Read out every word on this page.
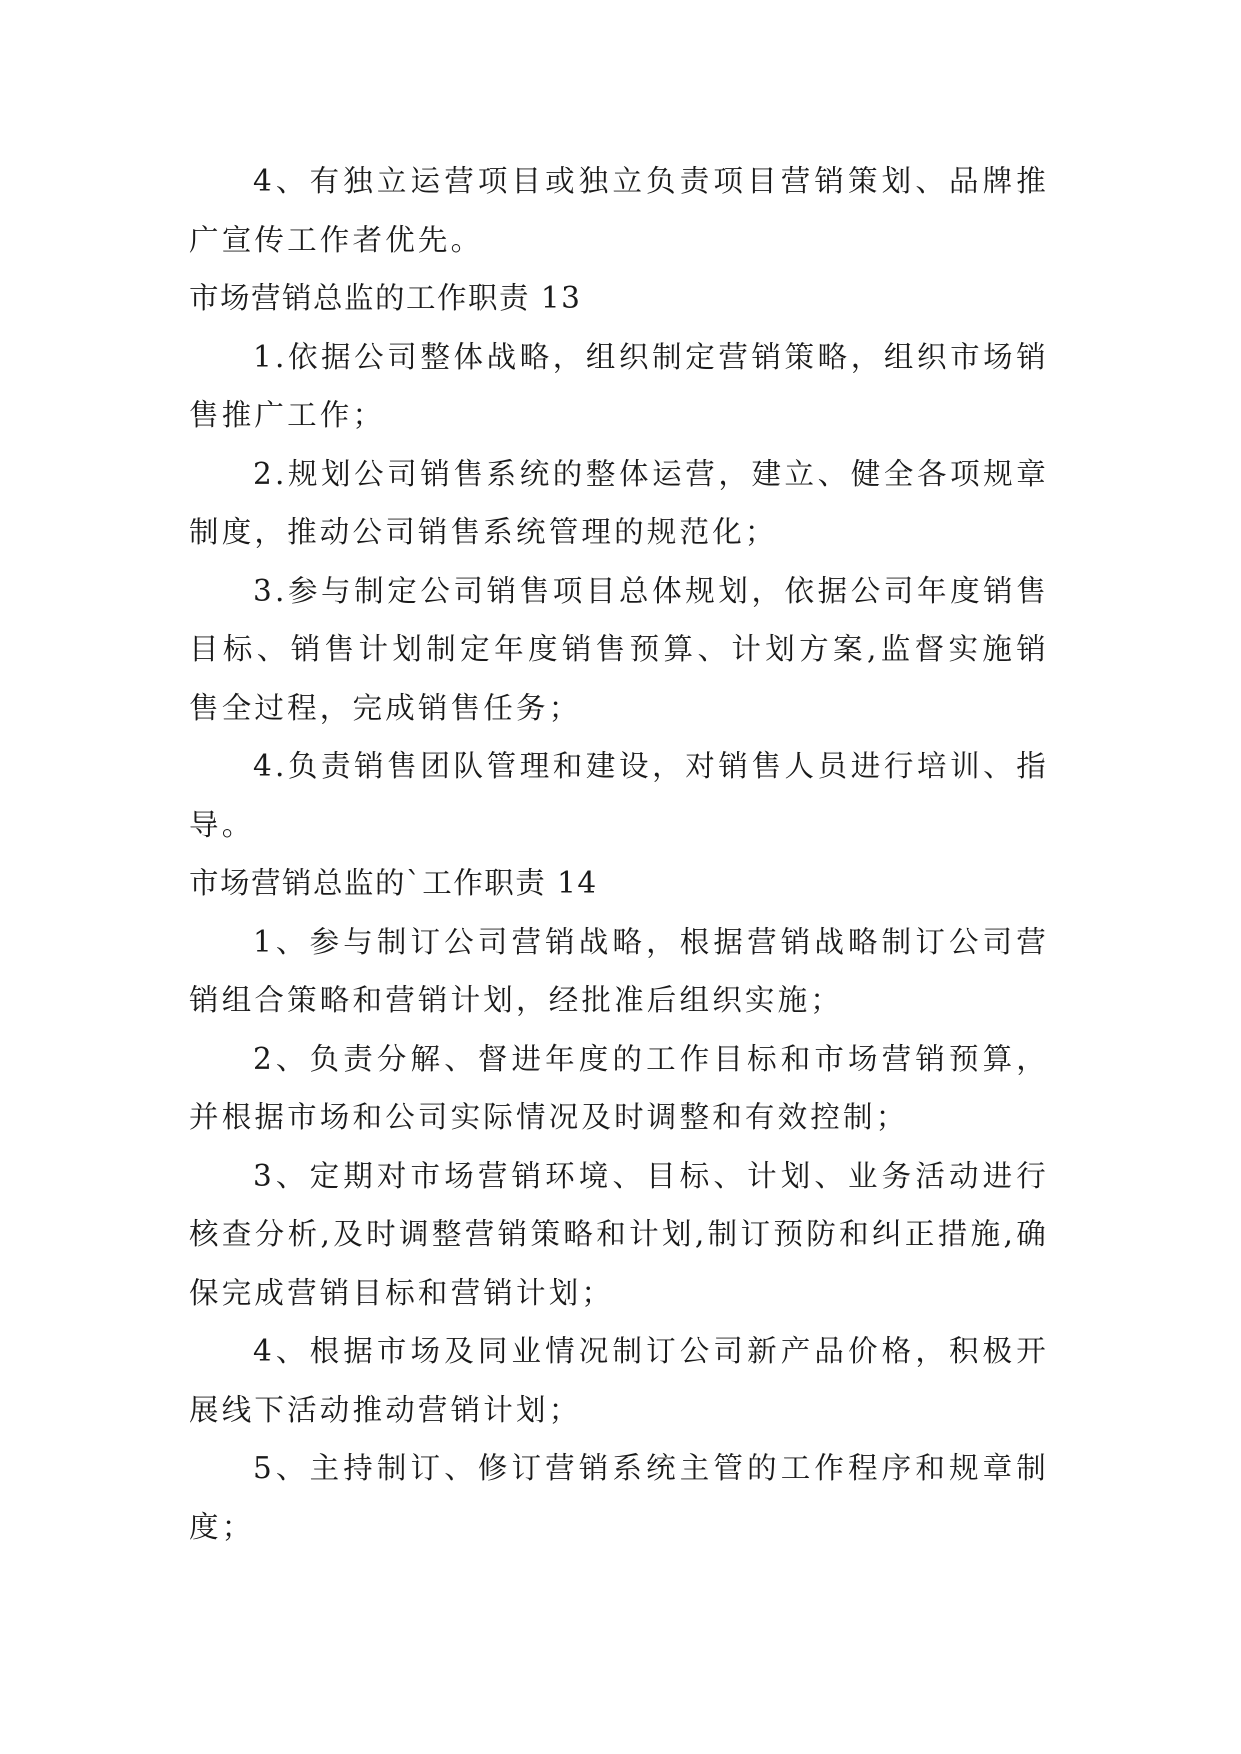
4、有独立运营项目或独立负责项目营销策划、品牌推广宣传工作者优先。

市场营销总监的工作职责 13

1.依据公司整体战略，组织制定营销策略，组织市场销售推广工作；

2.规划公司销售系统的整体运营，建立、健全各项规章制度，推动公司销售系统管理的规范化；

3.参与制定公司销售项目总体规划，依据公司年度销售目标、销售计划制定年度销售预算、计划方案,监督实施销售全过程，完成销售任务；

4.负责销售团队管理和建设，对销售人员进行培训、指导。

市场营销总监的`工作职责 14

1、参与制订公司营销战略，根据营销战略制订公司营销组合策略和营销计划，经批准后组织实施；

2、负责分解、督进年度的工作目标和市场营销预算，并根据市场和公司实际情况及时调整和有效控制；

3、定期对市场营销环境、目标、计划、业务活动进行核查分析,及时调整营销策略和计划,制订预防和纠正措施,确保完成营销目标和营销计划；

4、根据市场及同业情况制订公司新产品价格，积极开展线下活动推动营销计划；

5、主持制订、修订营销系统主管的工作程序和规章制度；
